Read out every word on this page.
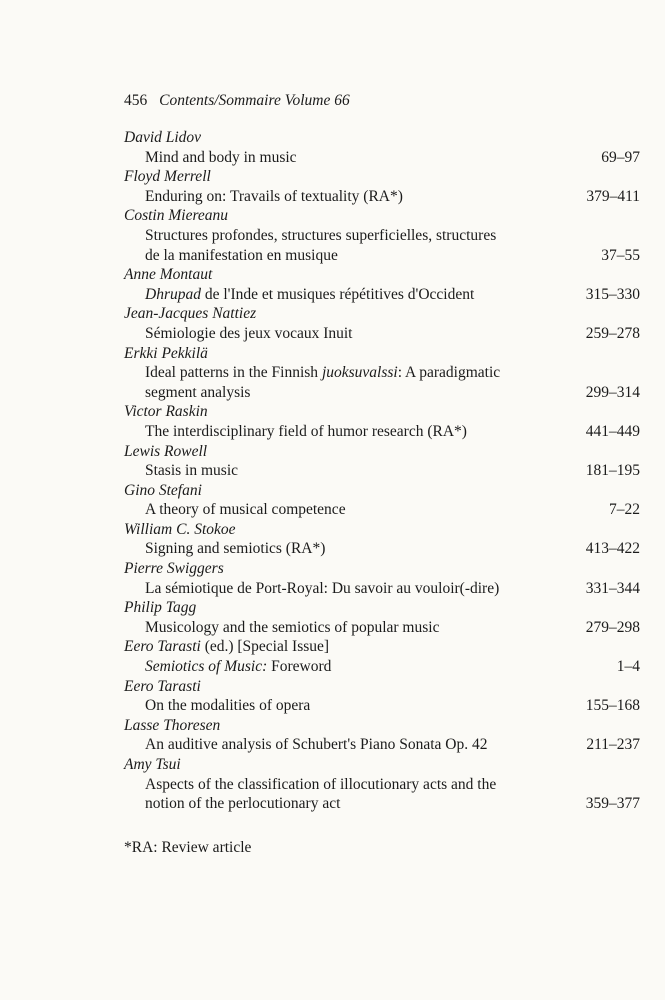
456 Contents/Sommaire Volume 66
David Lidov
Mind and body in music	69–97
Floyd Merrell
Enduring on: Travails of textuality (RA*)	379–411
Costin Miereanu
Structures profondes, structures superficielles, structures
de la manifestation en musique	37–55
Anne Montaut
Dhrupad de l'Inde et musiques répétitives d'Occident	315–330
Jean-Jacques Nattiez
Sémiologie des jeux vocaux Inuit	259–278
Erkki Pekkilä
Ideal patterns in the Finnish juoksuvalssi: A paradigmatic
segment analysis	299–314
Victor Raskin
The interdisciplinary field of humor research (RA*)	441–449
Lewis Rowell
Stasis in music	181–195
Gino Stefani
A theory of musical competence	7–22
William C. Stokoe
Signing and semiotics (RA*)	413–422
Pierre Swiggers
La sémiotique de Port-Royal: Du savoir au vouloir(-dire)	331–344
Philip Tagg
Musicology and the semiotics of popular music	279–298
Eero Tarasti (ed.) [Special Issue]
Semiotics of Music: Foreword	1–4
Eero Tarasti
On the modalities of opera	155–168
Lasse Thoresen
An auditive analysis of Schubert's Piano Sonata Op. 42	211–237
Amy Tsui
Aspects of the classification of illocutionary acts and the
notion of the perlocutionary act	359–377
*RA: Review article
